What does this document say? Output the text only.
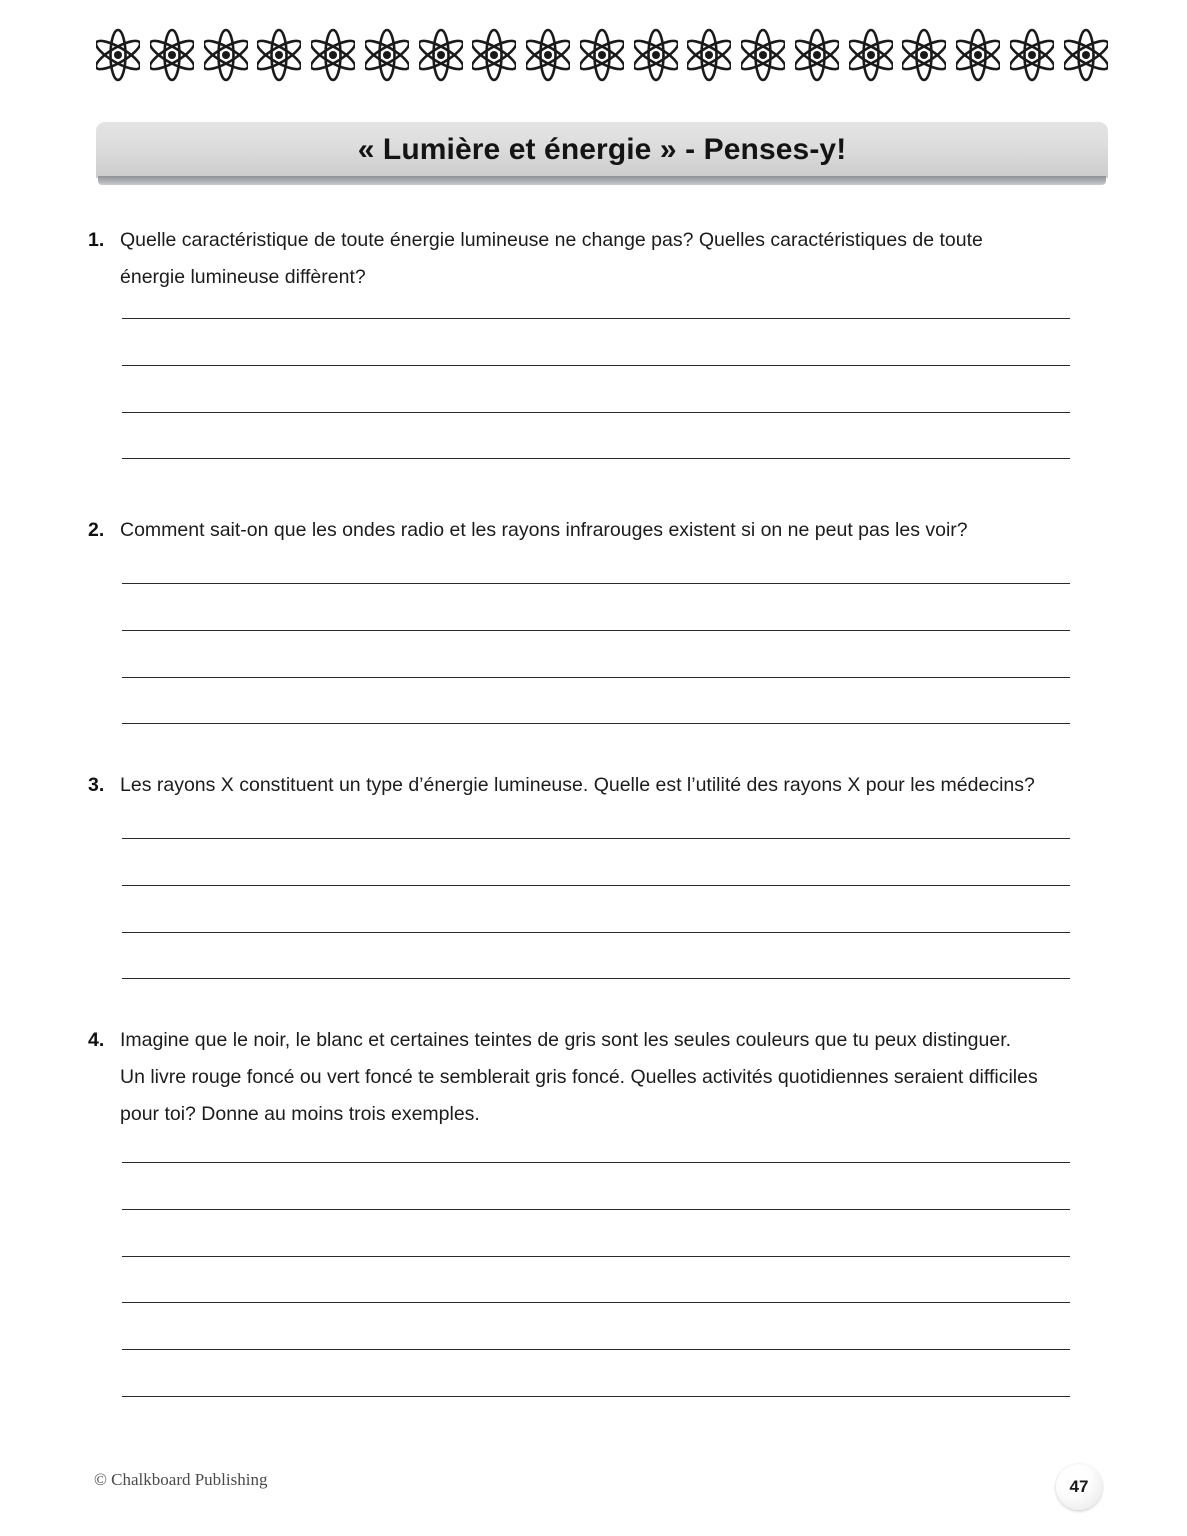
« Lumière et énergie » - Penses-y!
1. Quelle caractéristique de toute énergie lumineuse ne change pas? Quelles caractéristiques de toute
énergie lumineuse diffèrent?
2. Comment sait-on que les ondes radio et les rayons infrarouges existent si on ne peut pas les voir?
3. Les rayons X constituent un type d’énergie lumineuse. Quelle est l’utilité des rayons X pour les médecins?
4. Imagine que le noir, le blanc et certaines teintes de gris sont les seules couleurs que tu peux distinguer.
Un livre rouge foncé ou vert foncé te semblerait gris foncé. Quelles activités quotidiennes seraient difficiles
pour toi? Donne au moins trois exemples.
© Chalkboard Publishing	47
